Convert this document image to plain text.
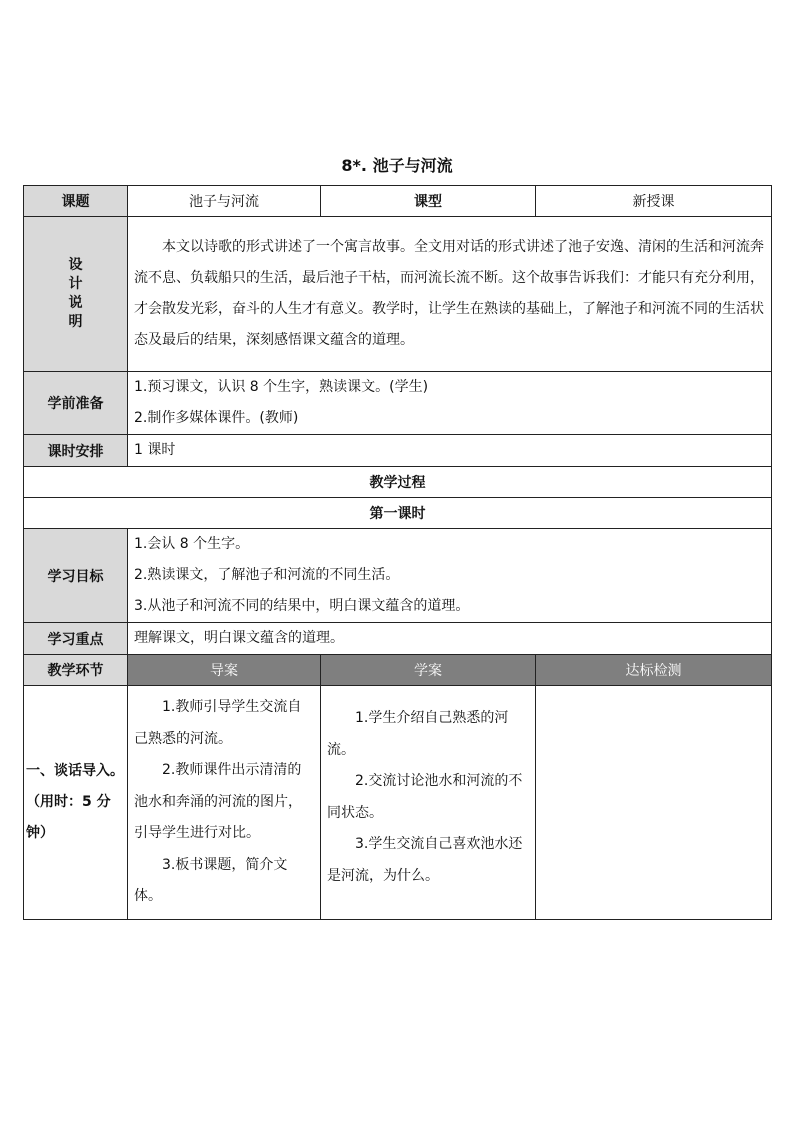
8*. 池子与河流
课题	池子与河流	课型	新授课

设
计
说
明	本文以诗歌的形式讲述了一个寓言故事。全文用对话的形式讲述了池子安逸、清闲的生活和河流奔流不息、负载船只的生活，最后池子干枯，而河流长流不断。这个故事告诉我们：才能只有充分利用，才会散发光彩，奋斗的人生才有意义。教学时，让学生在熟读的基础上，了解池子和河流不同的生活状态及最后的结果，深刻感悟课文蕴含的道理。		
学前准备	1.预习课文，认识 8 个生字，熟读课文。(学生)
2.制作多媒体课件。(教师)		

课时安排	1 课时		
教学过程			
第一课时			
学习目标	1.会认 8 个生字。
2.熟读课文，了解池子和河流的不同生活。
3.从池子和河流不同的结果中，明白课文蕴含的道理。		

学习重点	理解课文，明白课文蕴含的道理。		
教学环节	导案	学案	达标检测

一、谈话导入。
（用时：5 分
钟）	1.教师引导学生交流自己熟悉的河流。
2.教师课件出示清清的池水和奔涌的河流的图片，引导学生进行对比。
3.板书课题，简介文体。	1.学生介绍自己熟悉的河流。
2.交流讨论池水和河流的不同状态。
3.学生交流自己喜欢池水还是河流，为什么。	
